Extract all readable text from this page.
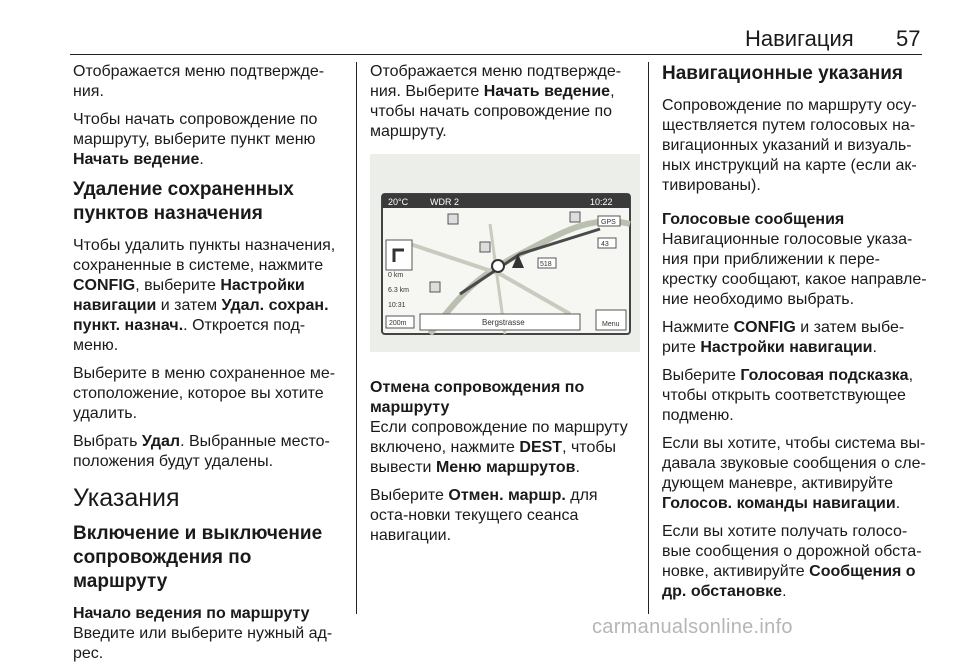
Навигация 57

Отображается меню подтвержде-ния.

Чтобы начать сопровождение по маршруту, выберите пункт меню Начать ведение.

Удаление сохраненных пунктов назначения

Чтобы удалить пункты назначения, сохраненные в системе, нажмите CONFIG, выберите Настройки навигации и затем Удал. сохран. пункт. назнач.. Откроется под-меню.

Выберите в меню сохраненное ме-стоположение, которое вы хотите удалить.

Выбрать Удал. Выбранные место-положения будут удалены.

Указания
Включение и выключение сопровождения по маршруту

Начало ведения по маршруту

Введите или выберите нужный ад-рес.

Отображается меню подтвержде-ния. Выберите Начать ведение, чтобы начать сопровождение по маршруту.

20°C WDR 2	10:22
0 km
6.3 km
10:31
200m	Bergstrasse	Menu
518
43
GPS

Отмена сопровождения по маршруту

Если сопровождение по маршруту включено, нажмите DEST, чтобы вывести Меню маршрутов.

Выберите Отмен. маршр. для оста-новки текущего сеанса навигации.

Навигационные указания

Сопровождение по маршруту осу-ществляется путем голосовых на-вигационных указаний и визуаль-ных инструкций на карте (если ак-тивированы).

Голосовые сообщения

Навигационные голосовые указа-ния при приближении к пере-крестку сообщают, какое направле-ние необходимо выбрать.

Нажмите CONFIG и затем выбе-рите Настройки навигации.

Выберите Голосовая подсказка, чтобы открыть соответствующее подменю.

Если вы хотите, чтобы система вы-давала звуковые сообщения о сле-дующем маневре, активируйте Голосов. команды навигации.

Если вы хотите получать голосо-вые сообщения о дорожной обста-новке, активируйте Сообщения о др. обстановке.

carmanualsonline.info
